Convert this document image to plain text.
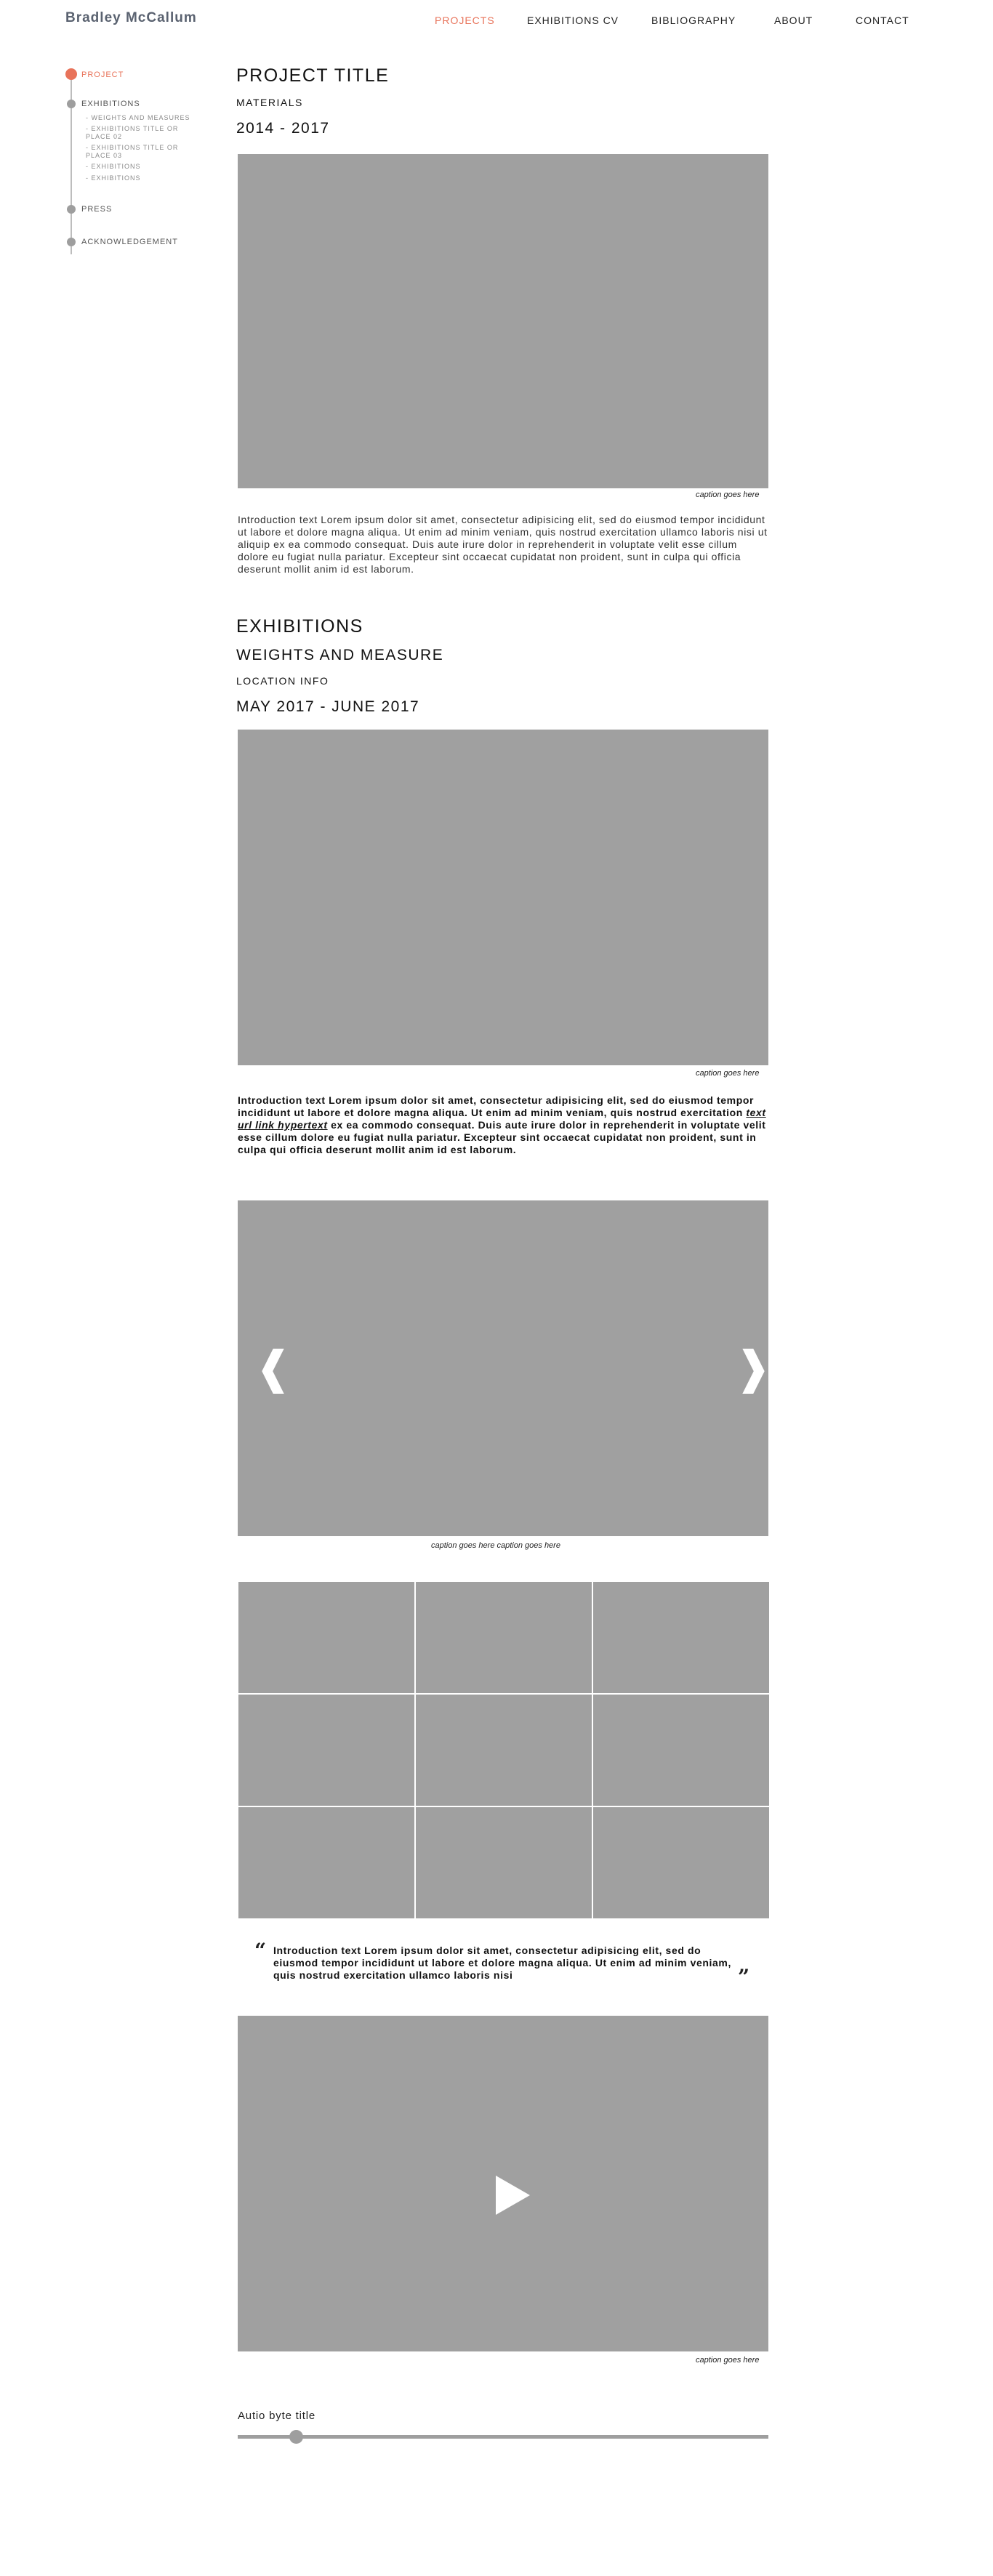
Bradley McCallum	PROJECTS	EXHIBITIONS CV	BIBLIOGRAPHY	ABOUT	CONTACT
PROJECT
EXHIBITIONS
- WEIGHTS AND MEASURES
- EXHIBITIONS TITLE OR PLACE 02
- EXHIBITIONS TITLE OR PLACE 03
- EXHIBITIONS
- EXHIBITIONS
PRESS
ACKNOWLEDGEMENT
PROJECT TITLE
MATERIALS
2014 - 2017
caption goes here
Introduction text Lorem ipsum dolor sit amet, consectetur adipisicing elit, sed do eiusmod tempor incididunt ut labore et dolore magna aliqua. Ut enim ad minim veniam, quis nostrud exercitation ullamco laboris nisi ut aliquip ex ea commodo consequat. Duis aute irure dolor in reprehenderit in voluptate velit esse cillum dolore eu fugiat nulla pariatur. Excepteur sint occaecat cupidatat non proident, sunt in culpa qui officia deserunt mollit anim id est laborum.
EXHIBITIONS
WEIGHTS AND MEASURE
LOCATION INFO
MAY 2017 - JUNE 2017
caption goes here
Introduction text Lorem ipsum dolor sit amet, consectetur adipisicing elit, sed do eiusmod tempor incididunt ut labore et dolore magna aliqua. Ut enim ad minim veniam, quis nostrud exercitation text url link hypertext ex ea commodo consequat. Duis aute irure dolor in reprehenderit in voluptate velit esse cillum dolore eu fugiat nulla pariatur. Excepteur sint occaecat cupidatat non proident, sunt in culpa qui officia deserunt mollit anim id est laborum.
❰	❱
caption goes here caption goes here
“ Introduction text Lorem ipsum dolor sit amet, consectetur adipisicing elit, sed do eiusmod tempor incididunt ut labore et dolore magna aliqua. Ut enim ad minim veniam, quis nostrud exercitation ullamco laboris nisi	”
caption goes here
Autio byte title
